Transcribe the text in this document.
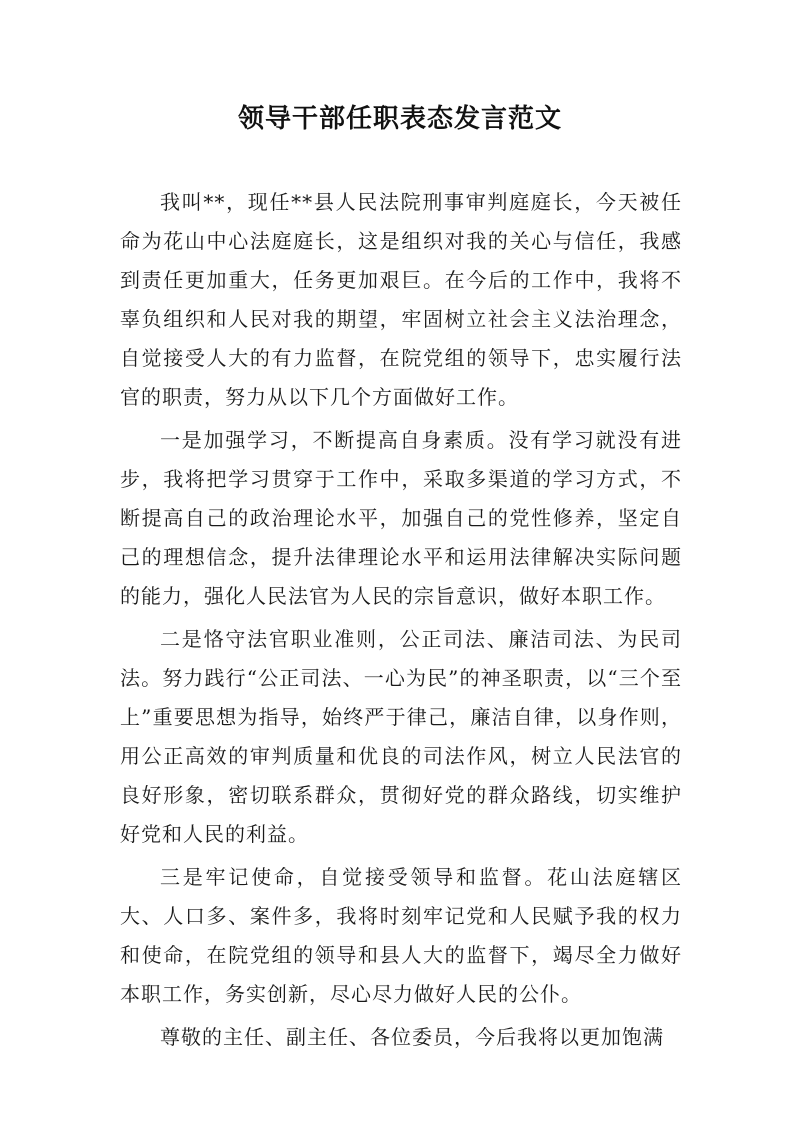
领导干部任职表态发言范文

我叫**，现任**县人民法院刑事审判庭庭长，今天被任命为花山中心法庭庭长，这是组织对我的关心与信任，我感到责任更加重大，任务更加艰巨。在今后的工作中，我将不辜负组织和人民对我的期望，牢固树立社会主义法治理念，自觉接受人大的有力监督，在院党组的领导下，忠实履行法官的职责，努力从以下几个方面做好工作。

一是加强学习，不断提高自身素质。没有学习就没有进步，我将把学习贯穿于工作中，采取多渠道的学习方式，不断提高自己的政治理论水平，加强自己的党性修养，坚定自己的理想信念，提升法律理论水平和运用法律解决实际问题的能力，强化人民法官为人民的宗旨意识，做好本职工作。

二是恪守法官职业准则，公正司法、廉洁司法、为民司法。努力践行“公正司法、一心为民”的神圣职责，以“三个至上”重要思想为指导，始终严于律己，廉洁自律，以身作则，用公正高效的审判质量和优良的司法作风，树立人民法官的良好形象，密切联系群众，贯彻好党的群众路线，切实维护好党和人民的利益。

三是牢记使命，自觉接受领导和监督。花山法庭辖区大、人口多、案件多，我将时刻牢记党和人民赋予我的权力和使命，在院党组的领导和县人大的监督下，竭尽全力做好本职工作，务实创新，尽心尽力做好人民的公仆。

尊敬的主任、副主任、各位委员，今后我将以更加饱满
